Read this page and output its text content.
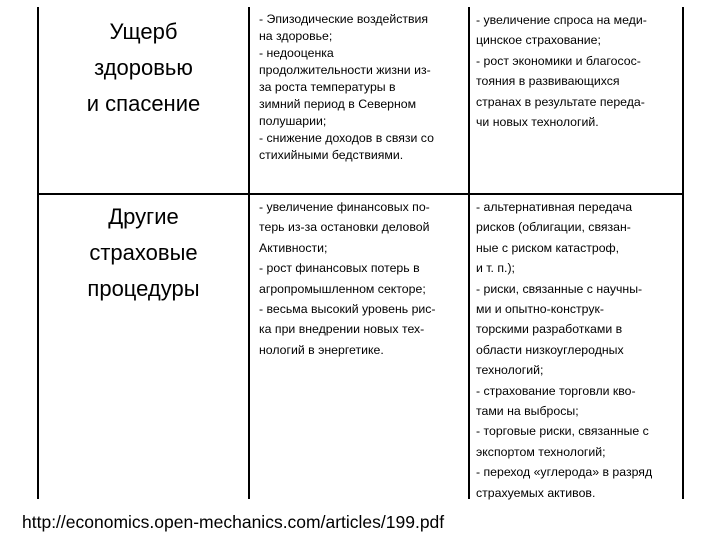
Ущерб
здоровью
и спасение
- Эпизодические воздействия
на здоровье;
- недооценка
продолжительности жизни из-
за роста температуры в
зимний период в Северном
полушарии;
- снижение доходов в связи со
стихийными бедствиями.
- увеличение спроса на меди-
цинское страхование;
- рост экономики и благосос-
тояния в развивающихся
странах в результате переда-
чи новых технологий.
Другие
страховые
процедуры
- увеличение финансовых по-
терь из-за остановки деловой
Активности;
- рост финансовых потерь в
агропромышленном секторе;
- весьма высокий уровень рис-
ка при внедрении новых тех-
нологий в энергетике.
- альтернативная передача
рисков (облигации, связан-
ные с риском катастроф,
и т. п.);
- риски, связанные с научны-
ми и опытно-конструк-
торскими разработками в
области низкоуглеродных
технологий;
- страхование торговли кво-
тами на выбросы;
- торговые риски, связанные с
экспортом технологий;
- переход «углерода» в разряд
страхуемых активов.
http://economics.open-mechanics.com/articles/199.pdf
